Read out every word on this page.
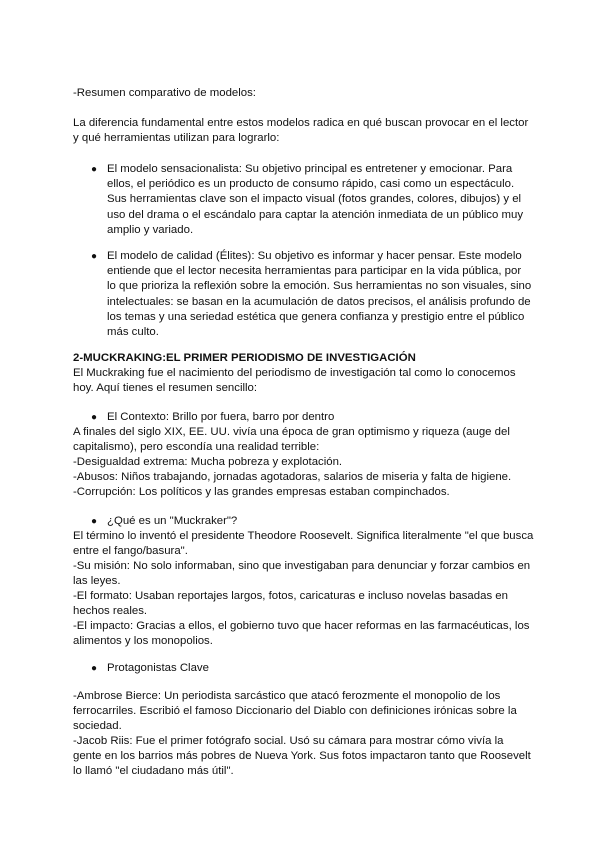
-Resumen comparativo de modelos:

La diferencia fundamental entre estos modelos radica en qué buscan provocar en el lector y qué herramientas utilizan para lograrlo:

● El modelo sensacionalista: Su objetivo principal es entretener y emocionar. Para ellos, el periódico es un producto de consumo rápido, casi como un espectáculo. Sus herramientas clave son el impacto visual (fotos grandes, colores, dibujos) y el uso del drama o el escándalo para captar la atención inmediata de un público muy amplio y variado.

● El modelo de calidad (Élites): Su objetivo es informar y hacer pensar. Este modelo entiende que el lector necesita herramientas para participar en la vida pública, por lo que prioriza la reflexión sobre la emoción. Sus herramientas no son visuales, sino intelectuales: se basan en la acumulación de datos precisos, el análisis profundo de los temas y una seriedad estética que genera confianza y prestigio entre el público más culto.

2-MUCKRAKING:EL PRIMER PERIODISMO DE INVESTIGACIÓN

El Muckraking fue el nacimiento del periodismo de investigación tal como lo conocemos hoy. Aquí tienes el resumen sencillo:

● El Contexto: Brillo por fuera, barro por dentro

A finales del siglo XIX, EE. UU. vivía una época de gran optimismo y riqueza (auge del capitalismo), pero escondía una realidad terrible:

-Desigualdad extrema: Mucha pobreza y explotación.

-Abusos: Niños trabajando, jornadas agotadoras, salarios de miseria y falta de higiene.

-Corrupción: Los políticos y las grandes empresas estaban compinchados.

● ¿Qué es un "Muckraker"?

El término lo inventó el presidente Theodore Roosevelt. Significa literalmente "el que busca entre el fango/basura".

-Su misión: No solo informaban, sino que investigaban para denunciar y forzar cambios en las leyes.

-El formato: Usaban reportajes largos, fotos, caricaturas e incluso novelas basadas en hechos reales.

-El impacto: Gracias a ellos, el gobierno tuvo que hacer reformas en las farmacéuticas, los alimentos y los monopolios.

● Protagonistas Clave

-Ambrose Bierce: Un periodista sarcástico que atacó ferozmente el monopolio de los ferrocarriles. Escribió el famoso Diccionario del Diablo con definiciones irónicas sobre la sociedad.

-Jacob Riis: Fue el primer fotógrafo social. Usó su cámara para mostrar cómo vivía la gente en los barrios más pobres de Nueva York. Sus fotos impactaron tanto que Roosevelt lo llamó "el ciudadano más útil".
